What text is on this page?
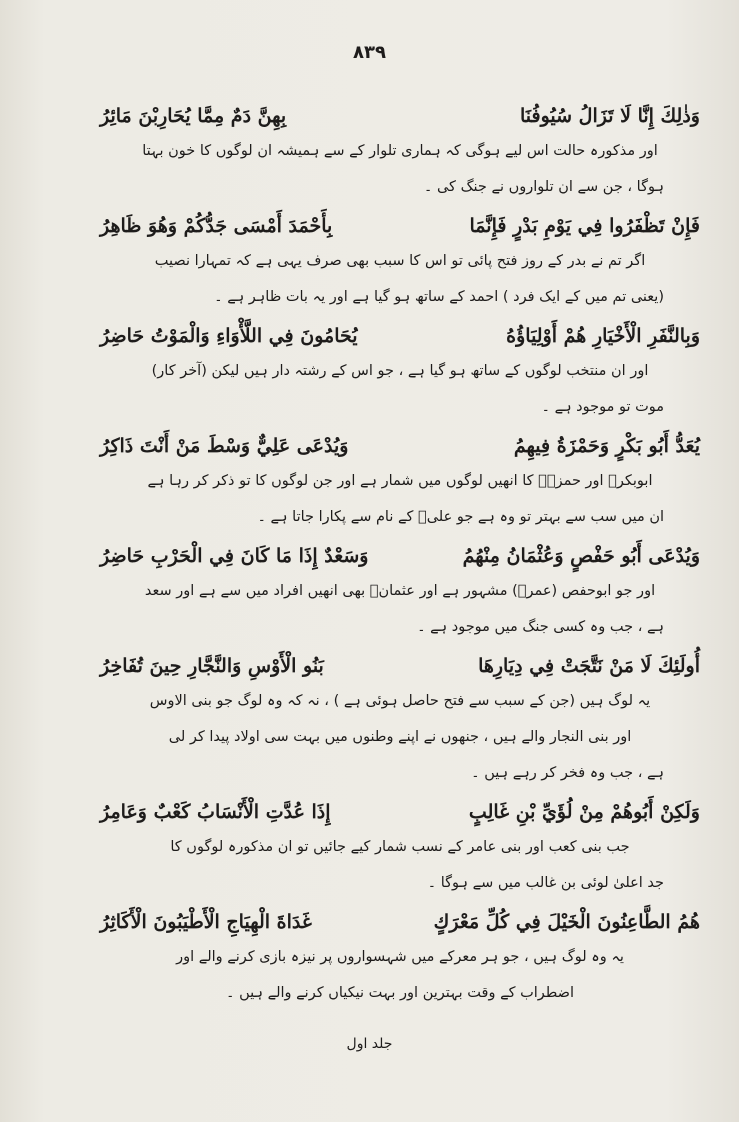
۸۳۹
وَذٰلِكَ إِنَّا لَا تَزَالُ سُيُوفُنَا
بِهِنَّ دَمٌ مِمَّا يُحَارِبْنَ مَائِرُ
اور مذکورہ حالت اس لیے ہوگی کہ ہماری تلوار کے سے ہمیشہ ان لوگوں کا خون بہتا
ہوگا ، جن سے ان تلواروں نے جنگ کی ۔
فَإِنْ تَظْفَرُوا فِي يَوْمِ بَدْرٍ فَإِنَّمَا
بِأَحْمَدَ أَمْسَى جَدُّكُمْ وَهُوَ ظَاهِرُ
اگر تم نے بدر کے روز فتح پائی تو اس کا سبب بھی صرف یہی ہے کہ تمہارا نصیب
(یعنی تم میں کے ایک فرد ) احمد کے ساتھ ہو گیا ہے اور یہ بات ظاہر ہے ۔
وَبِالنَّفَرِ الْأَخْيَارِ هُمْ أَوْلِيَاؤُهُ
يُحَامُونَ فِي اللَّأْوَاءِ وَالْمَوْتُ حَاضِرُ
اور ان منتخب لوگوں کے ساتھ ہو گیا ہے ، جو اس کے رشتہ دار ہیں لیکن (آخر کار)
موت تو موجود ہے ۔
يُعَدُّ أَبُو بَكْرٍ وَحَمْزَةُ فِيهِمُ
وَيُدْعَى عَلِيٌّ وَسْطَ مَنْ أَنْتَ ذَاكِرُ
ابوبکرؓ اور حمزہؓ کا انھیں لوگوں میں شمار ہے اور جن لوگوں کا تو ذکر کر رہا ہے
ان میں سب سے بہتر تو وہ ہے جو علیؓ کے نام سے پکارا جاتا ہے ۔
وَيُدْعَى أَبُو حَفْصٍ وَعُثْمَانُ مِنْهُمُ
وَسَعْدٌ إِذَا مَا كَانَ فِي الْحَرْبِ حَاضِرُ
اور جو ابوحفص (عمرؓ) مشہور ہے اور عثمانؓ بھی انھیں افراد میں سے ہے اور سعد
ہے ، جب وہ کسی جنگ میں موجود ہے ۔
أُولَئِكَ لَا مَنْ نَتَّجَتْ فِي دِيَارِهَا
بَنُو الْأَوْسِ وَالنَّجَّارِ حِينَ تُفَاخِرُ
یہ لوگ ہیں (جن کے سبب سے فتح حاصل ہوئی ہے ) ، نہ کہ وہ لوگ جو بنی الاوس
اور بنی النجار والے ہیں ، جنھوں نے اپنے وطنوں میں بہت سی اولاد پیدا کر لی
ہے ، جب وہ فخر کر رہے ہیں ۔
وَلَكِنْ أَبُوهُمْ مِنْ لُؤَيِّ بْنِ غَالِبٍ
إِذَا عُدَّتِ الْأَنْسَابُ كَعْبٌ وَعَامِرُ
جب بنی کعب اور بنی عامر کے نسب شمار کیے جائیں تو ان مذکورہ لوگوں کا
جد اعلیٰ لوئی بن غالب میں سے ہوگا ۔
هُمُ الطَّاعِنُونَ الْخَيْلَ فِي كُلِّ مَعْرَكٍ
غَدَاةَ الْهِيَاجِ الْأَطْيَبُونَ الْأَكَاثِرُ
یہ وہ لوگ ہیں ، جو ہر معرکے میں شہسواروں پر نیزہ بازی کرنے والے اور
اضطراب کے وقت بہترین اور بہت نیکیاں کرنے والے ہیں ۔
جلد اول
